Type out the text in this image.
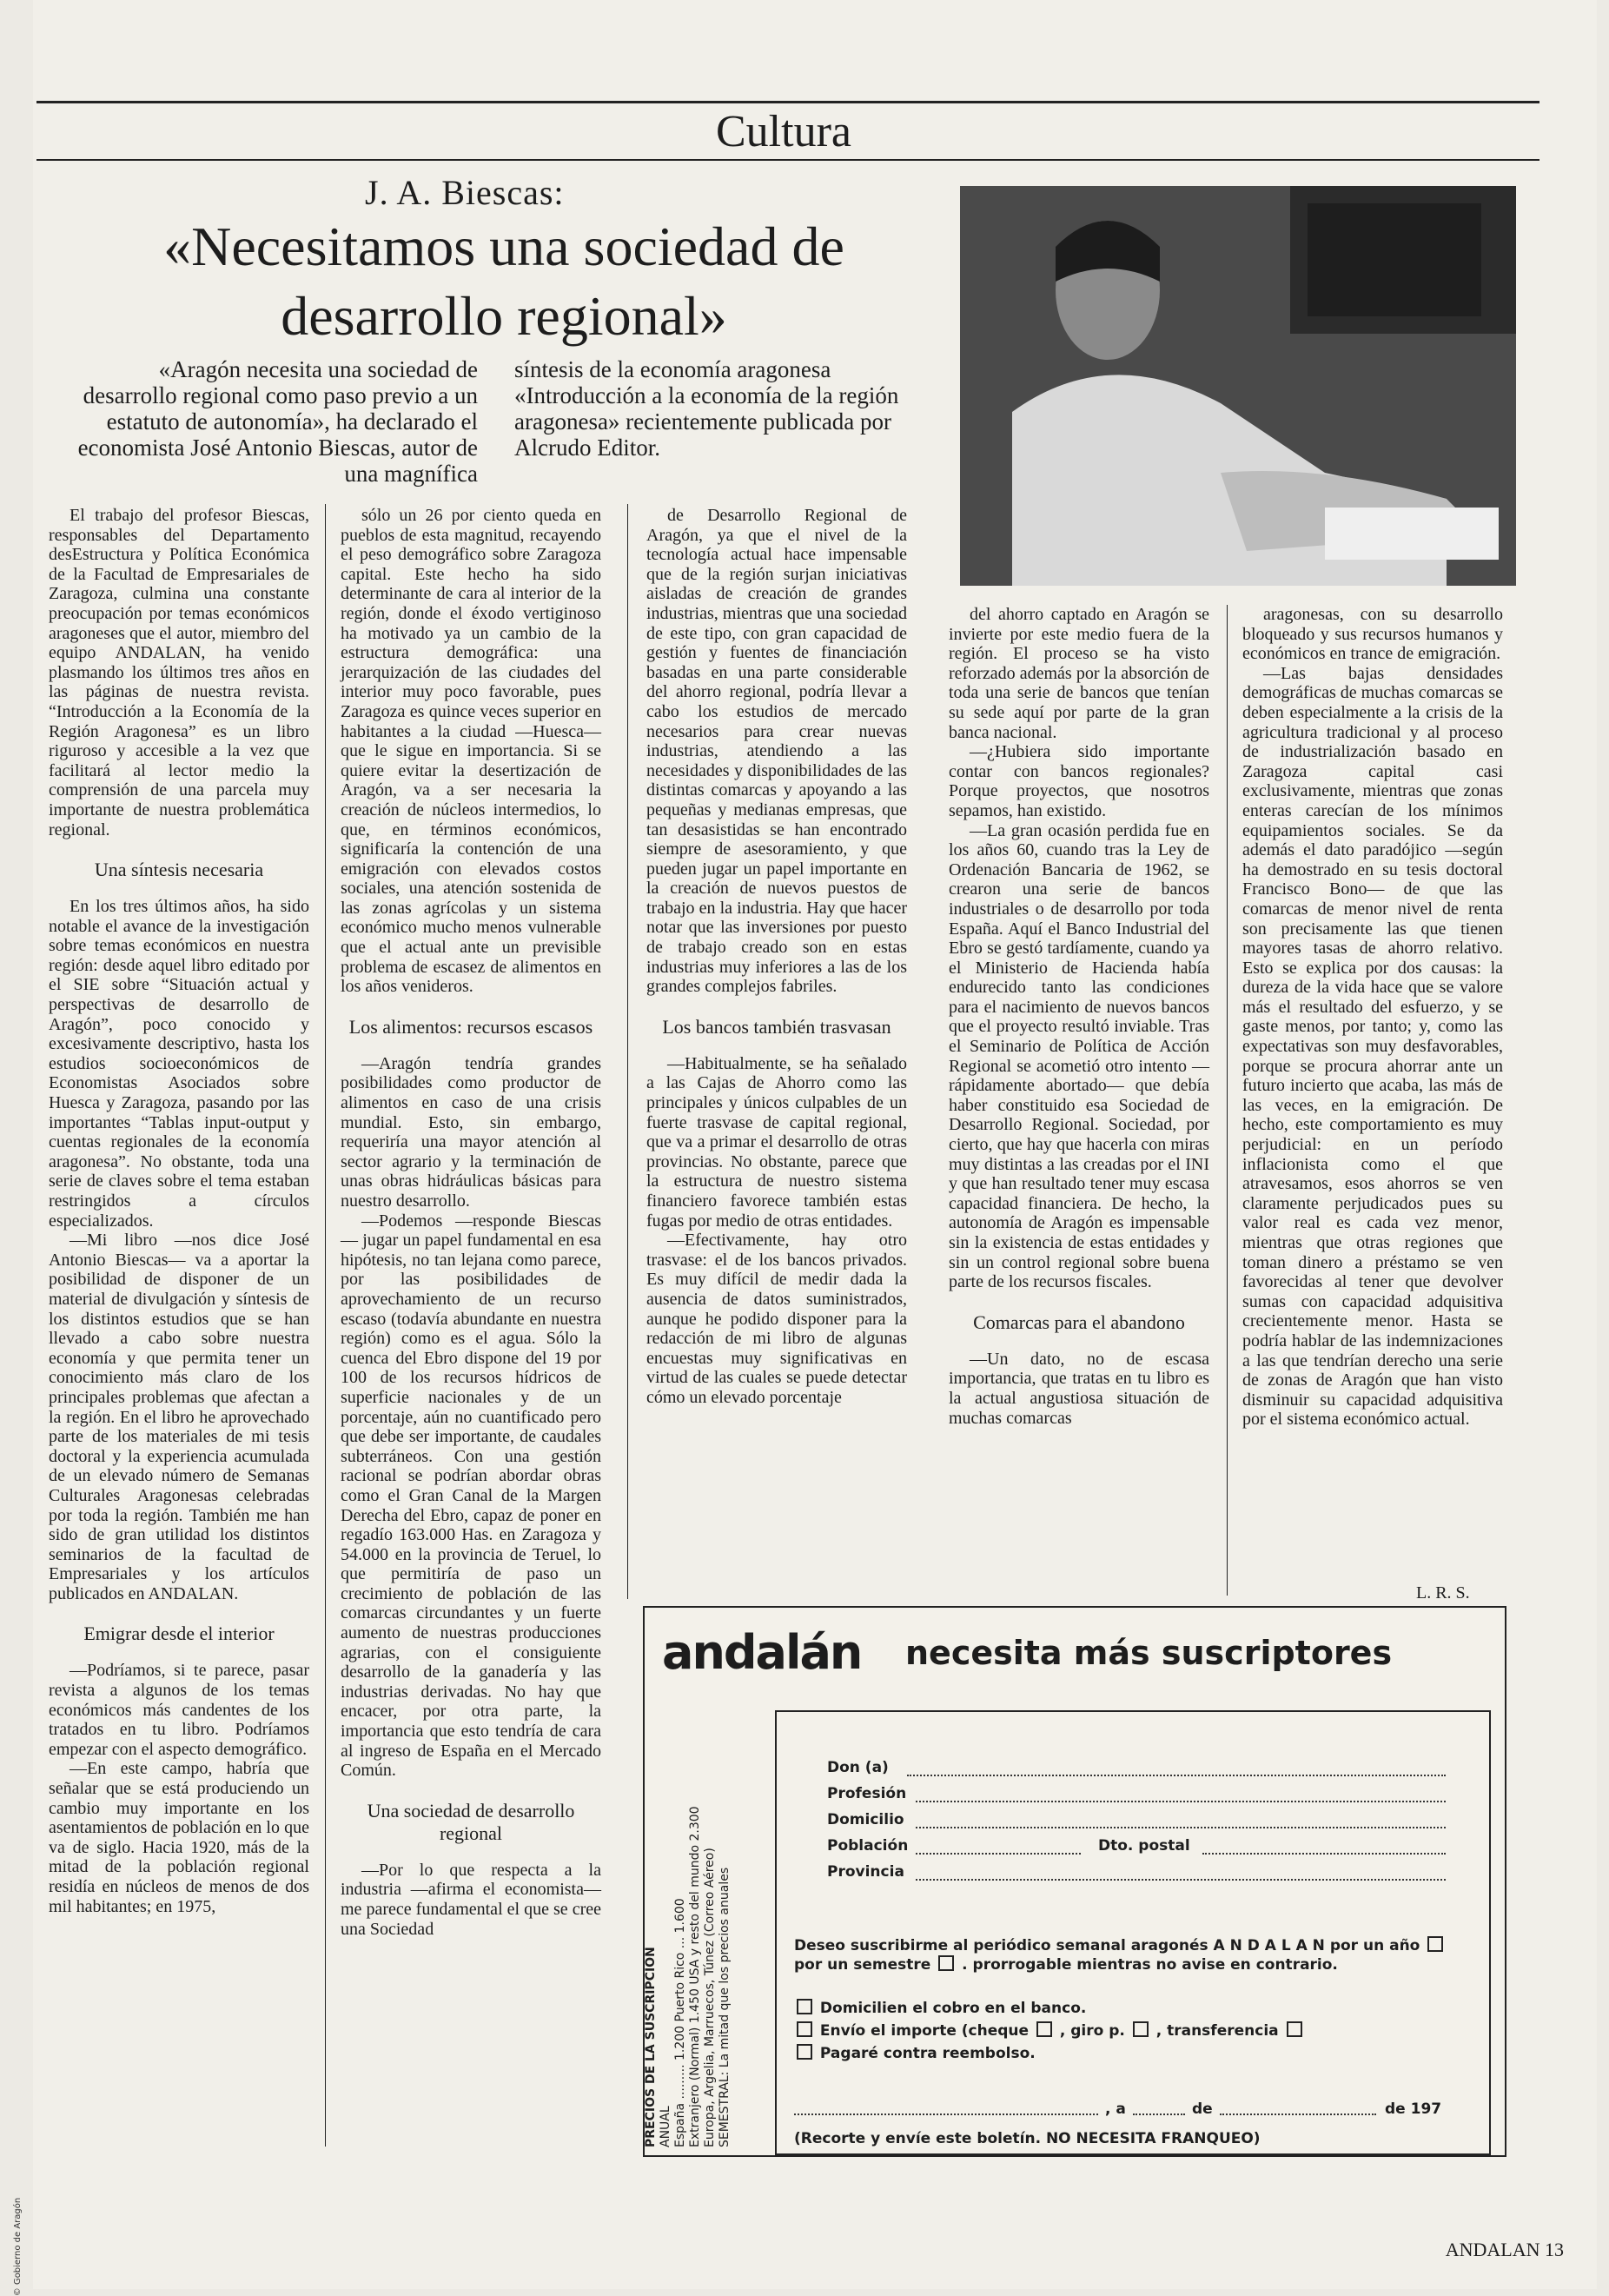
Cultura
J. A. Biescas:
«Necesitamos una sociedad de desarrollo regional»
«Aragón necesita una sociedad de desarrollo regional como paso previo a un estatuto de autonomía», ha declarado el economista José Antonio Biescas, autor de una magnífica
síntesis de la economía aragonesa «Introducción a la economía de la región aragonesa» recientemente publicada por Alcrudo Editor.

El trabajo del profesor Biescas, responsables del Departamento desEstructura y Política Económica de la Facultad de Empresariales de Zaragoza, culmina una constante preocupación por temas económicos aragoneses que el autor, miembro del equipo ANDALAN, ha venido plasmando los últimos tres años en las páginas de nuestra revista. “Introducción a la Economía de la Región Aragonesa” es un libro riguroso y accesible a la vez que facilitará al lector medio la comprensión de una parcela muy importante de nuestra problemática regional.

Una síntesis necesaria

En los tres últimos años, ha sido notable el avance de la investigación sobre temas económicos en nuestra región: desde aquel libro editado por el SIE sobre “Situación actual y perspectivas de desarrollo de Aragón”, poco conocido y excesivamente descriptivo, hasta los estudios socioeconómicos de Economistas Asociados sobre Huesca y Zaragoza, pasando por las importantes “Tablas input-output y cuentas regionales de la economía aragonesa”. No obstante, toda una serie de claves sobre el tema estaban restringidos a círculos especializados.

—Mi libro —nos dice José Antonio Biescas— va a aportar la posibilidad de disponer de un material de divulgación y síntesis de los distintos estudios que se han llevado a cabo sobre nuestra economía y que permita tener un conocimiento más claro de los principales problemas que afectan a la región. En el libro he aprovechado parte de los materiales de mi tesis doctoral y la experiencia acumulada de un elevado número de Semanas Culturales Aragonesas celebradas por toda la región. También me han sido de gran utilidad los distintos seminarios de la facultad de Empresariales y los artículos publicados en ANDALAN.

Emigrar desde el interior

—Podríamos, si te parece, pasar revista a algunos de los temas económicos más candentes de los tratados en tu libro. Podríamos empezar con el aspecto demográfico.

—En este campo, habría que señalar que se está produciendo un cambio muy importante en los asentamientos de población en lo que va de siglo. Hacia 1920, más de la mitad de la población regional residía en núcleos de menos de dos mil habitantes; en 1975,

sólo un 26 por ciento queda en pueblos de esta magnitud, recayendo el peso demográfico sobre Zaragoza capital. Este hecho ha sido determinante de cara al interior de la región, donde el éxodo vertiginoso ha motivado ya un cambio de la estructura demográfica: una jerarquización de las ciudades del interior muy poco favorable, pues Zaragoza es quince veces superior en habitantes a la ciudad —Huesca— que le sigue en importancia. Si se quiere evitar la desertización de Aragón, va a ser necesaria la creación de núcleos intermedios, lo que, en términos económicos, significaría la contención de una emigración con elevados costos sociales, una atención sostenida de las zonas agrícolas y un sistema económico mucho menos vulnerable que el actual ante un previsible problema de escasez de alimentos en los años venideros.

Los alimentos: recursos escasos

—Aragón tendría grandes posibilidades como productor de alimentos en caso de una crisis mundial. Esto, sin embargo, requeriría una mayor atención al sector agrario y la terminación de unas obras hidráulicas básicas para nuestro desarrollo.

—Podemos —responde Biescas— jugar un papel fundamental en esa hipótesis, no tan lejana como parece, por las posibilidades de aprovechamiento de un recurso escaso (todavía abundante en nuestra región) como es el agua. Sólo la cuenca del Ebro dispone del 19 por 100 de los recursos hídricos de superficie nacionales y de un porcentaje, aún no cuantificado pero que debe ser importante, de caudales subterráneos. Con una gestión racional se podrían abordar obras como el Gran Canal de la Margen Derecha del Ebro, capaz de poner en regadío 163.000 Has. en Zaragoza y 54.000 en la provincia de Teruel, lo que permitiría de paso un crecimiento de población de las comarcas circundantes y un fuerte aumento de nuestras producciones agrarias, con el consiguiente desarrollo de la ganadería y las industrias derivadas. No hay que encacer, por otra parte, la importancia que esto tendría de cara al ingreso de España en el Mercado Común.

Una sociedad de desarrollo regional

—Por lo que respecta a la industria —afirma el economista— me parece fundamental el que se cree una Sociedad

de Desarrollo Regional de Aragón, ya que el nivel de la tecnología actual hace impensable que de la región surjan iniciativas aisladas de creación de grandes industrias, mientras que una sociedad de este tipo, con gran capacidad de gestión y fuentes de financiación basadas en una parte considerable del ahorro regional, podría llevar a cabo los estudios de mercado necesarios para crear nuevas industrias, atendiendo a las necesidades y disponibilidades de las distintas comarcas y apoyando a las pequeñas y medianas empresas, que tan desasistidas se han encontrado siempre de asesoramiento, y que pueden jugar un papel importante en la creación de nuevos puestos de trabajo en la industria. Hay que hacer notar que las inversiones por puesto de trabajo creado son en estas industrias muy inferiores a las de los grandes complejos fabriles.

Los bancos también trasvasan

—Habitualmente, se ha señalado a las Cajas de Ahorro como las principales y únicos culpables de un fuerte trasvase de capital regional, que va a primar el desarrollo de otras provincias. No obstante, parece que la estructura de nuestro sistema financiero favorece también estas fugas por medio de otras entidades.

—Efectivamente, hay otro trasvase: el de los bancos privados. Es muy difícil de medir dada la ausencia de datos suministrados, aunque he podido disponer para la redacción de mi libro de algunas encuestas muy significativas en virtud de las cuales se puede detectar cómo un elevado porcentaje

del ahorro captado en Aragón se invierte por este medio fuera de la región. El proceso se ha visto reforzado además por la absorción de toda una serie de bancos que tenían su sede aquí por parte de la gran banca nacional.

—¿Hubiera sido importante contar con bancos regionales? Porque proyectos, que nosotros sepamos, han existido.

—La gran ocasión perdida fue en los años 60, cuando tras la Ley de Ordenación Bancaria de 1962, se crearon una serie de bancos industriales o de desarrollo por toda España. Aquí el Banco Industrial del Ebro se gestó tardíamente, cuando ya el Ministerio de Hacienda había endurecido tanto las condiciones para el nacimiento de nuevos bancos que el proyecto resultó inviable. Tras el Seminario de Política de Acción Regional se acometió otro intento —rápidamente abortado— que debía haber constituido esa Sociedad de Desarrollo Regional. Sociedad, por cierto, que hay que hacerla con miras muy distintas a las creadas por el INI y que han resultado tener muy escasa capacidad financiera. De hecho, la autonomía de Aragón es impensable sin la existencia de estas entidades y sin un control regional sobre buena parte de los recursos fiscales.

Comarcas para el abandono

—Un dato, no de escasa importancia, que tratas en tu libro es la actual angustiosa situación de muchas comarcas

aragonesas, con su desarrollo bloqueado y sus recursos humanos y económicos en trance de emigración.

—Las bajas densidades demográficas de muchas comarcas se deben especialmente a la crisis de la agricultura tradicional y al proceso de industrialización basado en Zaragoza capital casi exclusivamente, mientras que zonas enteras carecían de los mínimos equipamientos sociales. Se da además el dato paradójico —según ha demostrado en su tesis doctoral Francisco Bono— de que las comarcas de menor nivel de renta son precisamente las que tienen mayores tasas de ahorro relativo. Esto se explica por dos causas: la dureza de la vida hace que se valore más el resultado del esfuerzo, y se gaste menos, por tanto; y, como las expectativas son muy desfavorables, porque se procura ahorrar ante un futuro incierto que acaba, las más de las veces, en la emigración. De hecho, este comportamiento es muy perjudicial: en un período inflacionista como el que atravesamos, esos ahorros se ven claramente perjudicados pues su valor real es cada vez menor, mientras que otras regiones que toman dinero a préstamo se ven favorecidas al tener que devolver sumas con capacidad adquisitiva crecientemente menor. Hasta se podría hablar de las indemnizaciones a las que tendrían derecho una serie de zonas de Aragón que han visto disminuir su capacidad adquisitiva por el sistema económico actual.

L. R. S.
andalán necesita más suscriptores
PRECIOS DE LA SUSCRIPCION ANUAL España ......... 1.200 Puerto Rico ... 1.600 Extranjero (Normal) 1.450 USA y resto del mundo 2.300 Europa, Argelia, Marruecos, Túnez (Correo Aéreo) SEMESTRAL: La mitad que los precios anuales
Don (a)
Profesión
Domicilio
Población	Dto. postal
Provincia
Deseo suscribirme al periódico semanal aragonés A N D A L A N por un año
por un semestre . prorrogable mientras no avise en contrario.
Domicilien el cobro en el banco.
Envío el importe (cheque , giro p. , transferencia
Pagaré contra reembolso.
, a	de	de 197
(Recorte y envíe este boletín. NO NECESITA FRANQUEO)
ANDALAN 13
© Gobierno de Aragón
